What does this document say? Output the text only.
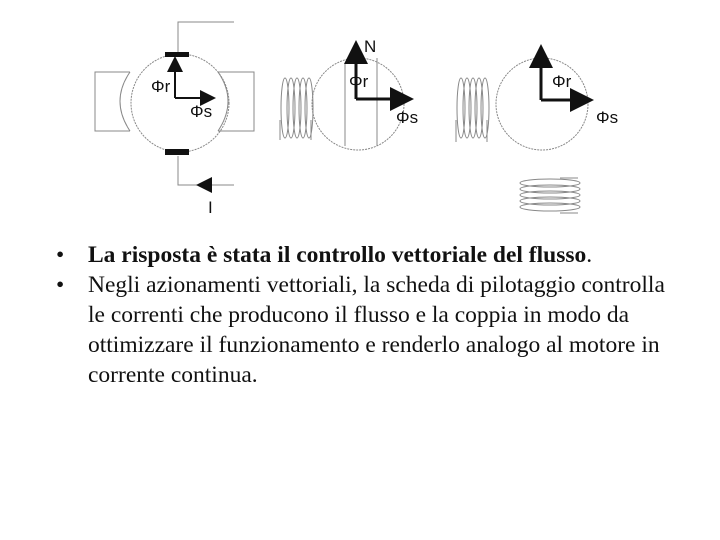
Φr
Φs
I
Φr
Φs
N
Φr
Φs
• La risposta è stata il controllo vettoriale del flusso.
• Negli azionamenti vettoriali, la scheda di pilotaggio controlla le correnti che producono il flusso e la coppia in modo da ottimizzare il funzionamento e renderlo analogo al motore in corrente continua.
